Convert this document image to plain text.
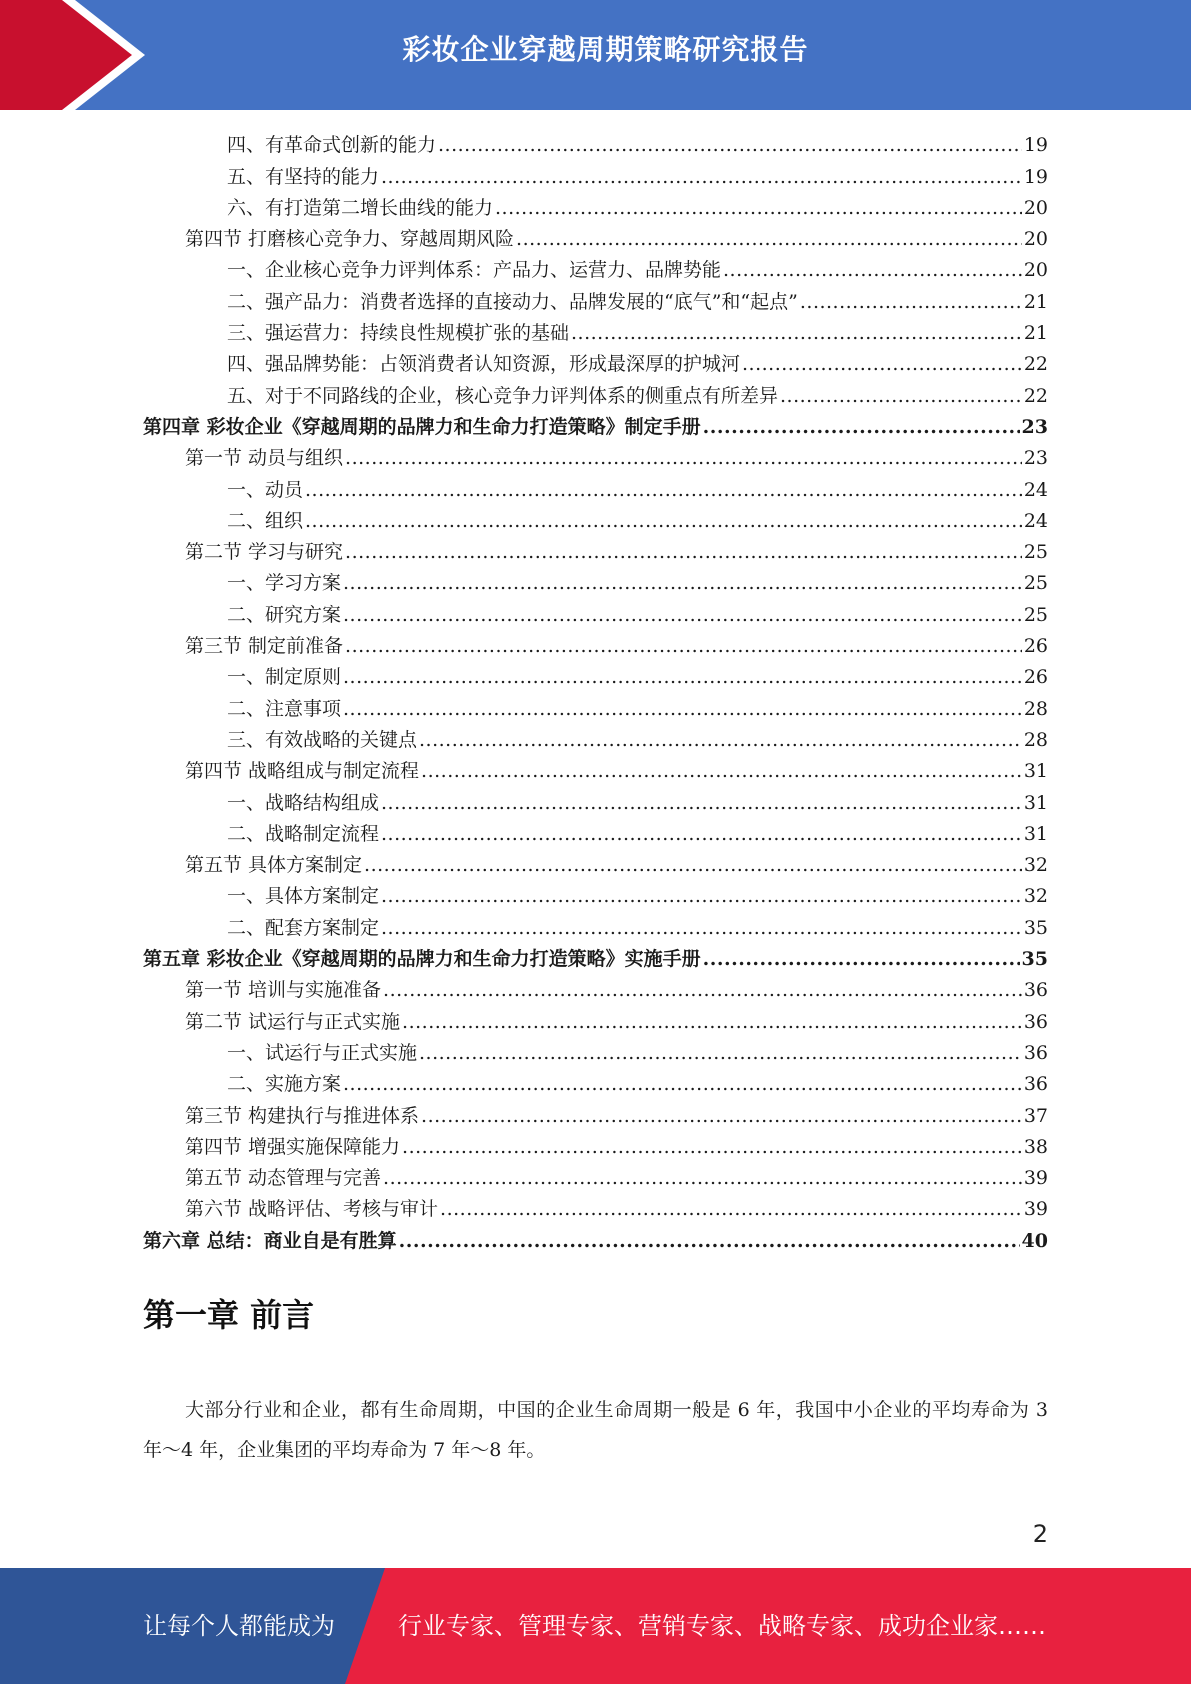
彩妆企业穿越周期策略研究报告
四、有革命式创新的能力 .....	19
五、有坚持的能力 .....	19
六、有打造第二增长曲线的能力 .....	20
第四节 打磨核心竞争力、穿越周期风险 .....	20
一、企业核心竞争力评判体系：产品力、运营力、品牌势能 .....	20
二、强产品力：消费者选择的直接动力、品牌发展的“底气”和“起点” .....	21
三、强运营力：持续良性规模扩张的基础 .....	21
四、强品牌势能：占领消费者认知资源，形成最深厚的护城河 .....	22
五、对于不同路线的企业，核心竞争力评判体系的侧重点有所差异 .....	22
第四章 彩妆企业《穿越周期的品牌力和生命力打造策略》制定手册 .....	23
第一节 动员与组织 .....	23
一、动员 .....	24
二、组织 .....	24
第二节 学习与研究 .....	25
一、学习方案 .....	25
二、研究方案 .....	25
第三节 制定前准备 .....	26
一、制定原则 .....	26
二、注意事项 .....	28
三、有效战略的关键点 .....	28
第四节 战略组成与制定流程 .....	31
一、战略结构组成 .....	31
二、战略制定流程 .....	31
第五节 具体方案制定 .....	32
一、具体方案制定 .....	32
二、配套方案制定 .....	35
第五章 彩妆企业《穿越周期的品牌力和生命力打造策略》实施手册 .....	35
第一节 培训与实施准备 .....	36
第二节 试运行与正式实施 .....	36
一、试运行与正式实施 .....	36
二、实施方案 .....	36
第三节 构建执行与推进体系 .....	37
第四节 增强实施保障能力 .....	38
第五节 动态管理与完善 .....	39
第六节 战略评估、考核与审计 .....	39
第六章 总结：商业自是有胜算 .....	40
第一章 前言
大部分行业和企业，都有生命周期，中国的企业生命周期一般是 6 年，我国中小企业的平均寿命为 3 年～4 年，企业集团的平均寿命为 7 年～8 年。
2
让每个人都能成为	行业专家、管理专家、营销专家、战略专家、成功企业家……
